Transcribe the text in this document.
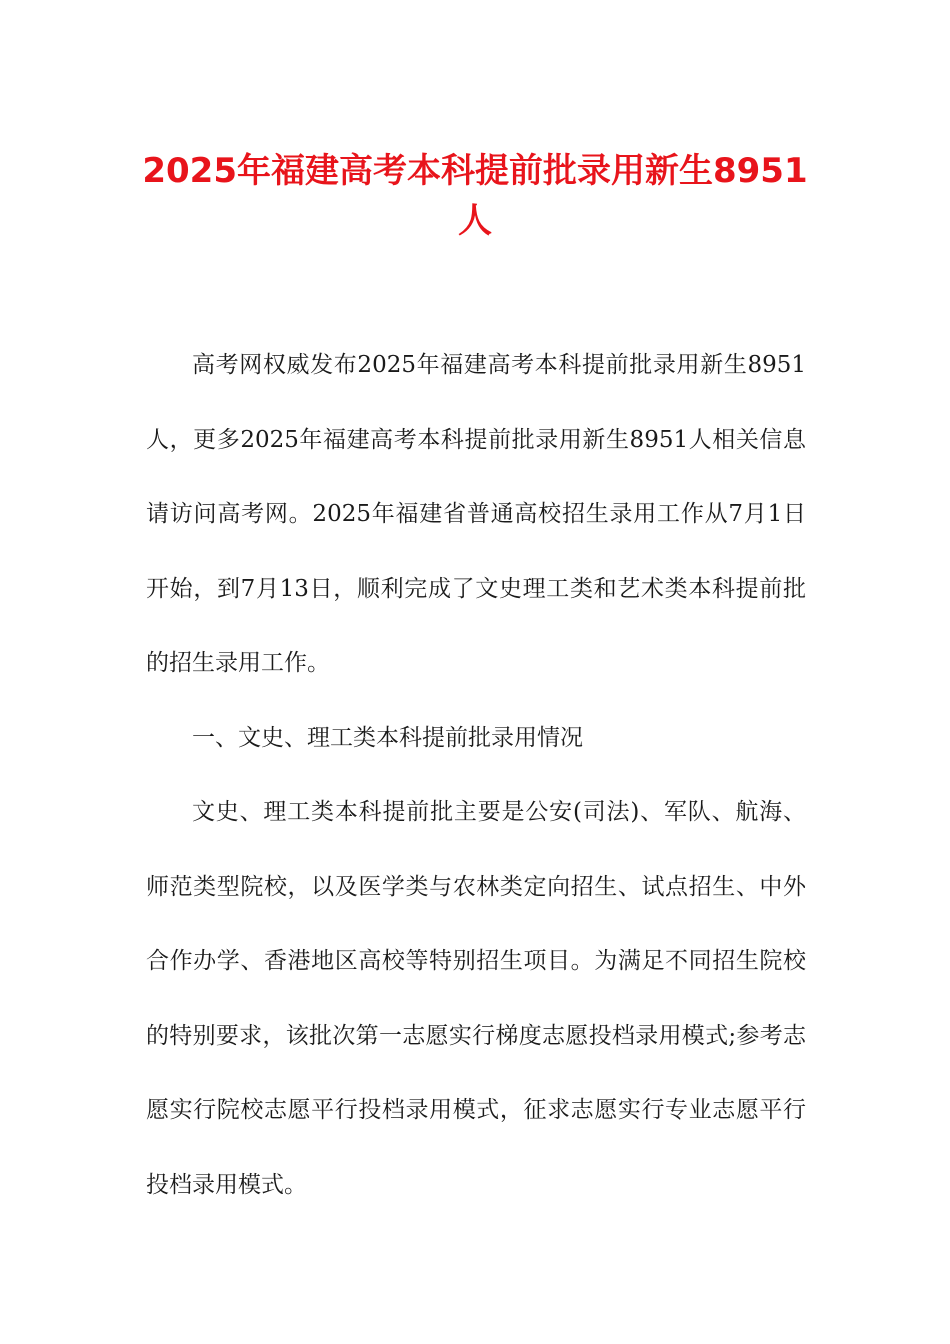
2025年福建高考本科提前批录用新生8951人

高考网权威发布2025年福建高考本科提前批录用新生8951人，更多2025年福建高考本科提前批录用新生8951人相关信息请访问高考网。2025年福建省普通高校招生录用工作从7月1日开始，到7月13日，顺利完成了文史理工类和艺术类本科提前批的招生录用工作。

一、文史、理工类本科提前批录用情况

文史、理工类本科提前批主要是公安(司法)、军队、航海、师范类型院校，以及医学类与农林类定向招生、试点招生、中外合作办学、香港地区高校等特别招生项目。为满足不同招生院校的特别要求，该批次第一志愿实行梯度志愿投档录用模式;参考志愿实行院校志愿平行投档录用模式，征求志愿实行专业志愿平行投档录用模式。
